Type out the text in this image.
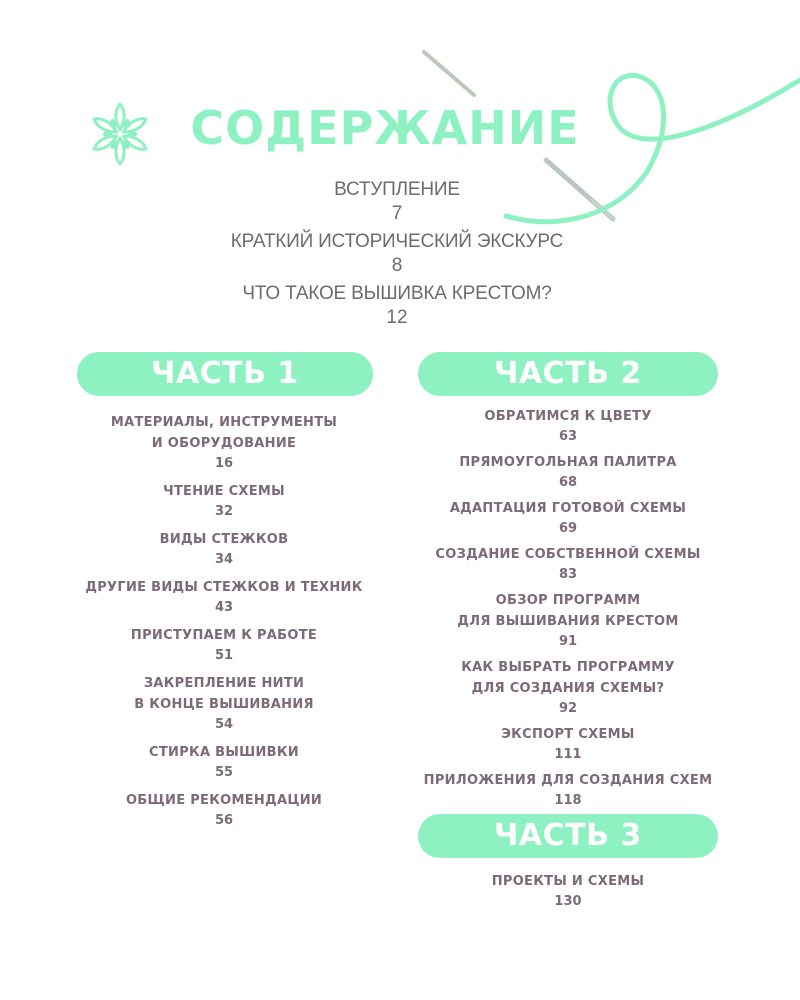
СОДЕРЖАНИЕ
ВСТУПЛЕНИЕ
7
КРАТКИЙ ИСТОРИЧЕСКИЙ ЭКСКУРС
8
ЧТО ТАКОЕ ВЫШИВКА КРЕСТОМ?
12
ЧАСТЬ 1	ЧАСТЬ 2
ЧАСТЬ 3
МАТЕРИАЛЫ, ИНСТРУМЕНТЫ
И ОБОРУДОВАНИЕ
16
ЧТЕНИЕ СХЕМЫ
32
ВИДЫ СТЕЖКОВ
34
ДРУГИЕ ВИДЫ СТЕЖКОВ И ТЕХНИК
43
ПРИСТУПАЕМ К РАБОТЕ
51
ЗАКРЕПЛЕНИЕ НИТИ
В КОНЦЕ ВЫШИВАНИЯ
54
СТИРКА ВЫШИВКИ
55
ОБЩИЕ РЕКОМЕНДАЦИИ
56
ОБРАТИМСЯ К ЦВЕТУ
63
ПРЯМОУГОЛЬНАЯ ПАЛИТРА
68
АДАПТАЦИЯ ГОТОВОЙ СХЕМЫ
69
СОЗДАНИЕ СОБСТВЕННОЙ СХЕМЫ
83
ОБЗОР ПРОГРАММ
ДЛЯ ВЫШИВАНИЯ КРЕСТОМ
91
КАК ВЫБРАТЬ ПРОГРАММУ
ДЛЯ СОЗДАНИЯ СХЕМЫ?
92
ЭКСПОРТ СХЕМЫ
111
ПРИЛОЖЕНИЯ ДЛЯ СОЗДАНИЯ СХЕМ
118
ПРОЕКТЫ И СХЕМЫ
130
